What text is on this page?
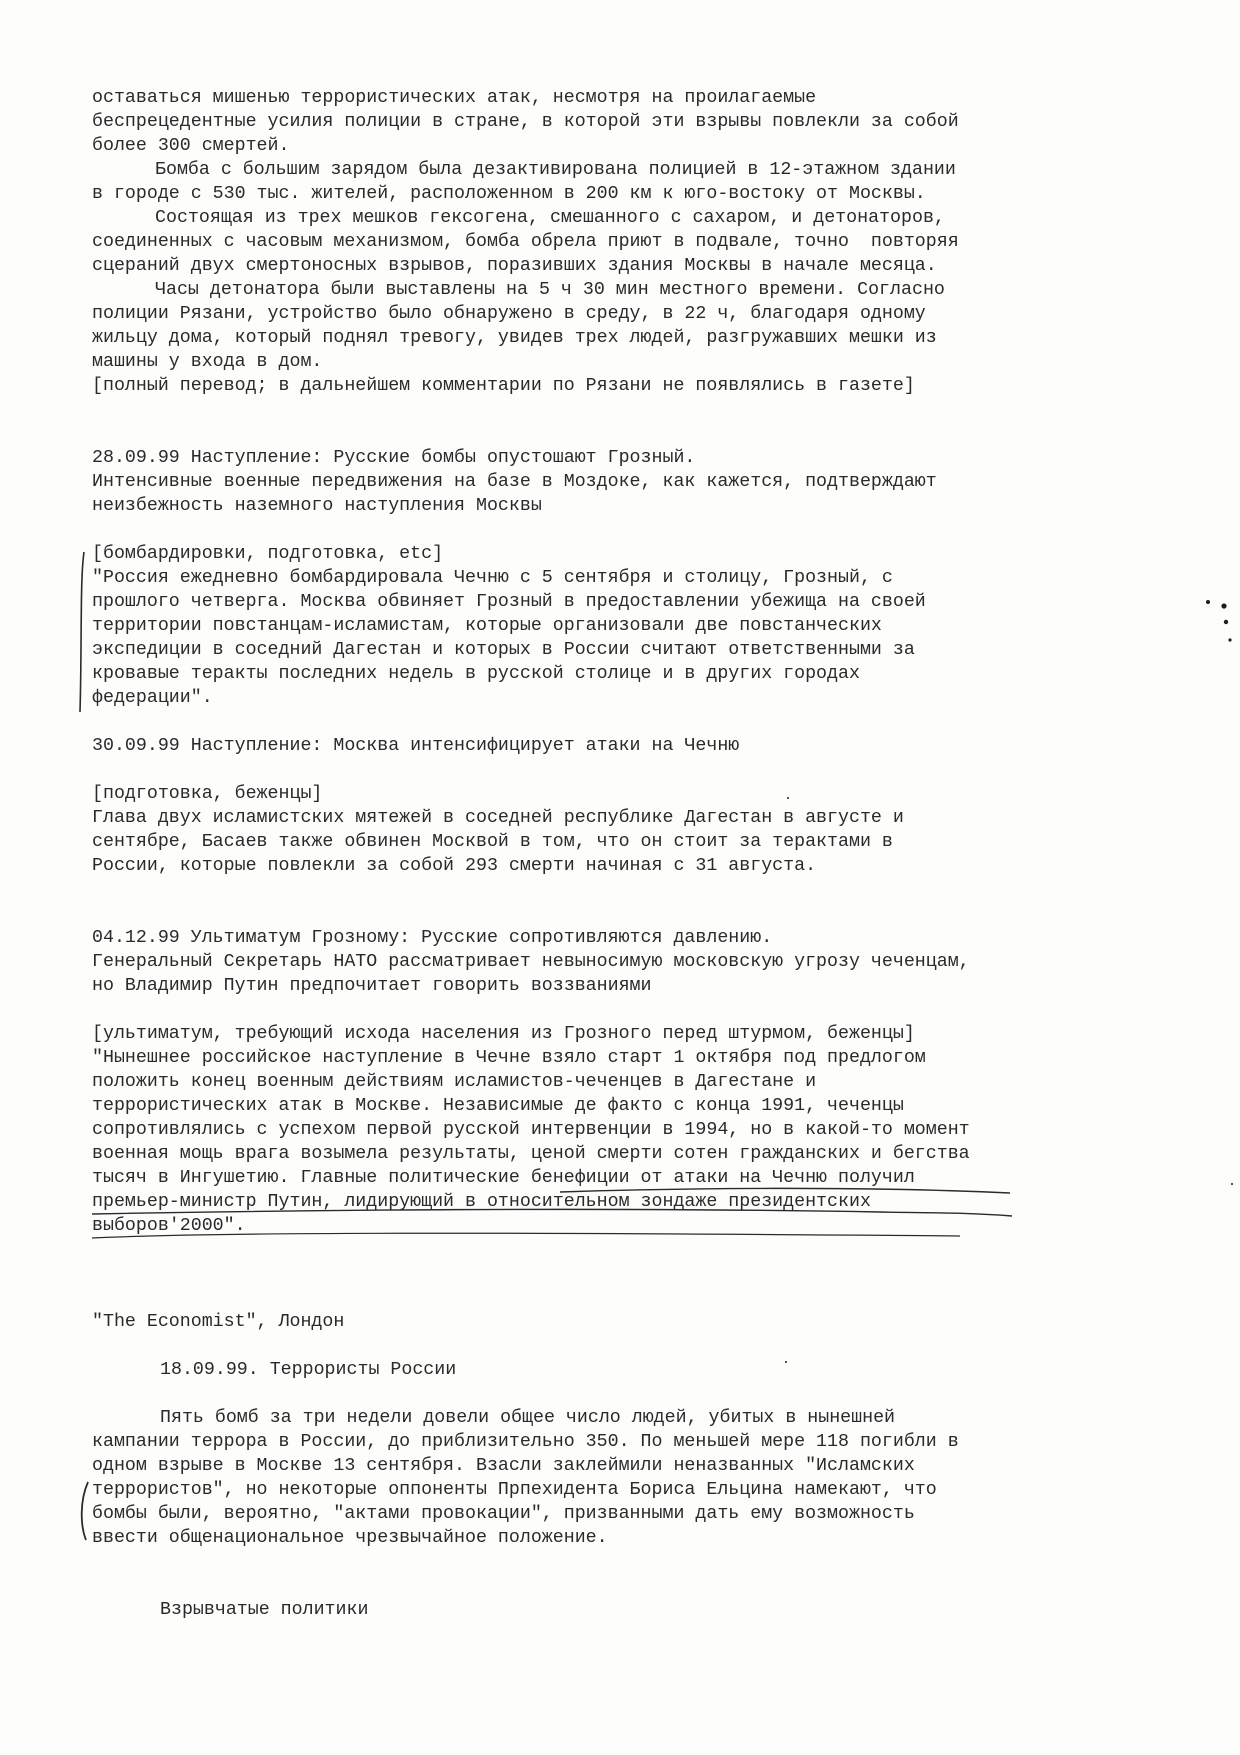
оставаться мишенью террористических атак, несмотря на проилагаемые
беспрецедентные усилия полиции в стране, в которой эти взрывы повлекли за собой
более 300 смертей.
Бомба с большим зарядом была дезактивирована полицией в 12-этажном здании
в городе с 530 тыс. жителей, расположенном в 200 км к юго-востоку от Москвы.
Состоящая из трех мешков гексогена, смешанного с сахаром, и детонаторов,
соединенных с часовым механизмом, бомба обрела приют в подвале, точно  повторяя
сцераний двух смертоносных взрывов, поразивших здания Москвы в начале месяца.
Часы детонатора были выставлены на 5 ч 30 мин местного времени. Согласно
полиции Рязани, устройство было обнаружено в среду, в 22 ч, благодаря одному
жильцу дома, который поднял тревогу, увидев трех людей, разгружавших мешки из
машины у входа в дом.
[полный перевод; в дальнейшем комментарии по Рязани не появлялись в газете]
28.09.99 Наступление: Русские бомбы опустошают Грозный.
Интенсивные военные передвижения на базе в Моздоке, как кажется, подтверждают
неизбежность наземного наступления Москвы
[бомбардировки, подготовка, etc]
"Россия ежедневно бомбардировала Чечню с 5 сентября и столицу, Грозный, с
прошлого четверга. Москва обвиняет Грозный в предоставлении убежища на своей
территории повстанцам-исламистам, которые организовали две повстанческих
экспедиции в соседний Дагестан и которых в России считают ответственными за
кровавые теракты последних недель в русской столице и в других городах
федерации".
30.09.99 Наступление: Москва интенсифицирует атаки на Чечню
[подготовка, беженцы]
Глава двух исламистских мятежей в соседней республике Дагестан в августе и
сентябре, Басаев также обвинен Москвой в том, что он стоит за терактами в
России, которые повлекли за собой 293 смерти начиная с 31 августа.
04.12.99 Ультиматум Грозному: Русские сопротивляются давлению.
Генеральный Секретарь НАТО рассматривает невыносимую московскую угрозу чеченцам,
но Владимир Путин предпочитает говорить воззваниями
[ультиматум, требующий исхода населения из Грозного перед штурмом, беженцы]
"Нынешнее российское наступление в Чечне взяло старт 1 октября под предлогом
положить конец военным действиям исламистов-чеченцев в Дагестане и
террористических атак в Москве. Независимые де факто с конца 1991, чеченцы
сопротивлялись с успехом первой русской интервенции в 1994, но в какой-то момент
военная мощь врага возымела результаты, ценой смерти сотен гражданских и бегства
тысяч в Ингушетию. Главные политические бенефиции от атаки на Чечню получил
премьер-министр Путин, лидирующий в относительном зондаже президентских
выборов'2000".
"The Economist", Лондон
18.09.99. Террористы России
Пять бомб за три недели довели общее число людей, убитых в нынешней
кампании террора в России, до приблизительно 350. По меньшей мере 118 погибли в
одном взрыве в Москве 13 сентября. Взасли заклеймили неназванных "Исламских
террористов", но некоторые оппоненты Прпехидента Бориса Ельцина намекают, что
бомбы были, вероятно, "актами провокации", призванными дать ему возможность
ввести общенациональное чрезвычайное положение.
Взрывчатые политики
